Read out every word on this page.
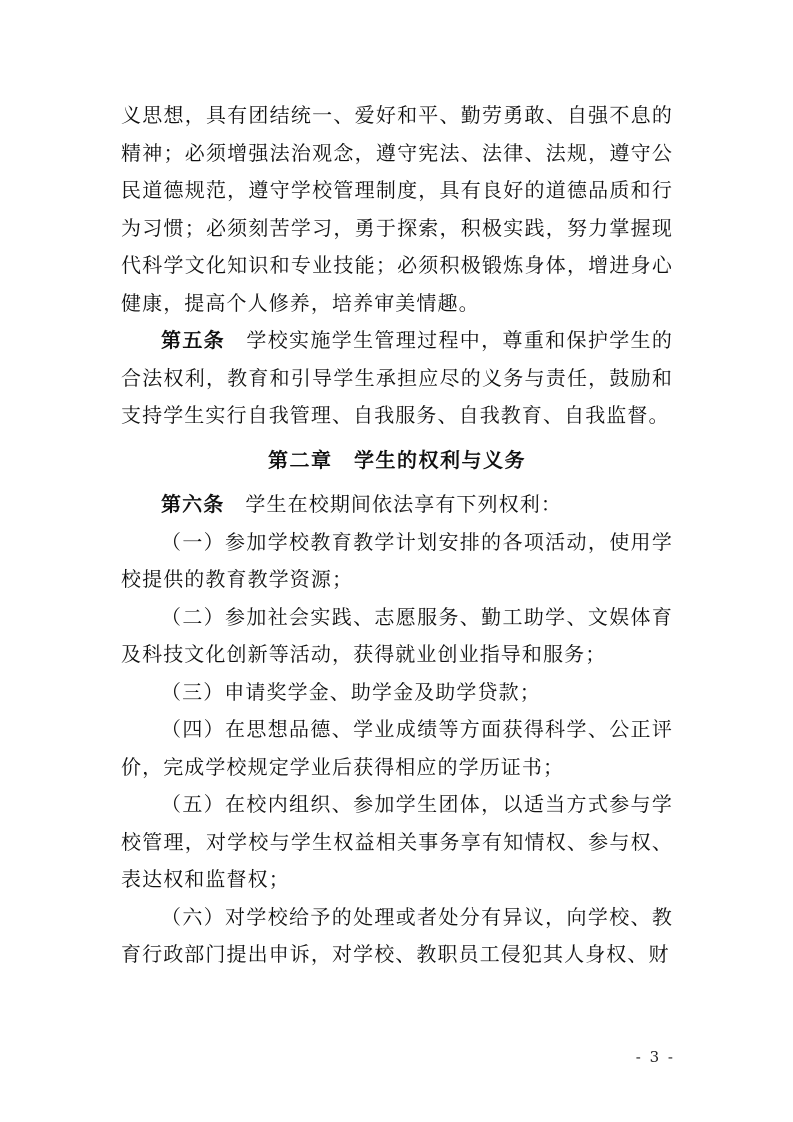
义思想，具有团结统一、爱好和平、勤劳勇敢、自强不息的精神；必须增强法治观念，遵守宪法、法律、法规，遵守公民道德规范，遵守学校管理制度，具有良好的道德品质和行为习惯；必须刻苦学习，勇于探索，积极实践，努力掌握现代科学文化知识和专业技能；必须积极锻炼身体，增进身心健康，提高个人修养，培养审美情趣。

第五条　 学校实施学生管理过程中，尊重和保护学生的合法权利，教育和引导学生承担应尽的义务与责任，鼓励和支持学生实行自我管理、自我服务、自我教育、自我监督。

第二章　学生的权利与义务

第六条　 学生在校期间依法享有下列权利：

（一）参加学校教育教学计划安排的各项活动，使用学校提供的教育教学资源；

（二）参加社会实践、志愿服务、勤工助学、文娱体育及科技文化创新等活动，获得就业创业指导和服务；

（三）申请奖学金、助学金及助学贷款；

（四）在思想品德、学业成绩等方面获得科学、公正评价，完成学校规定学业后获得相应的学历证书；

（五）在校内组织、参加学生团体，以适当方式参与学校管理，对学校与学生权益相关事务享有知情权、参与权、表达权和监督权；

（六）对学校给予的处理或者处分有异议，向学校、教育行政部门提出申诉，对学校、教职员工侵犯其人身权、财

- 3 -
